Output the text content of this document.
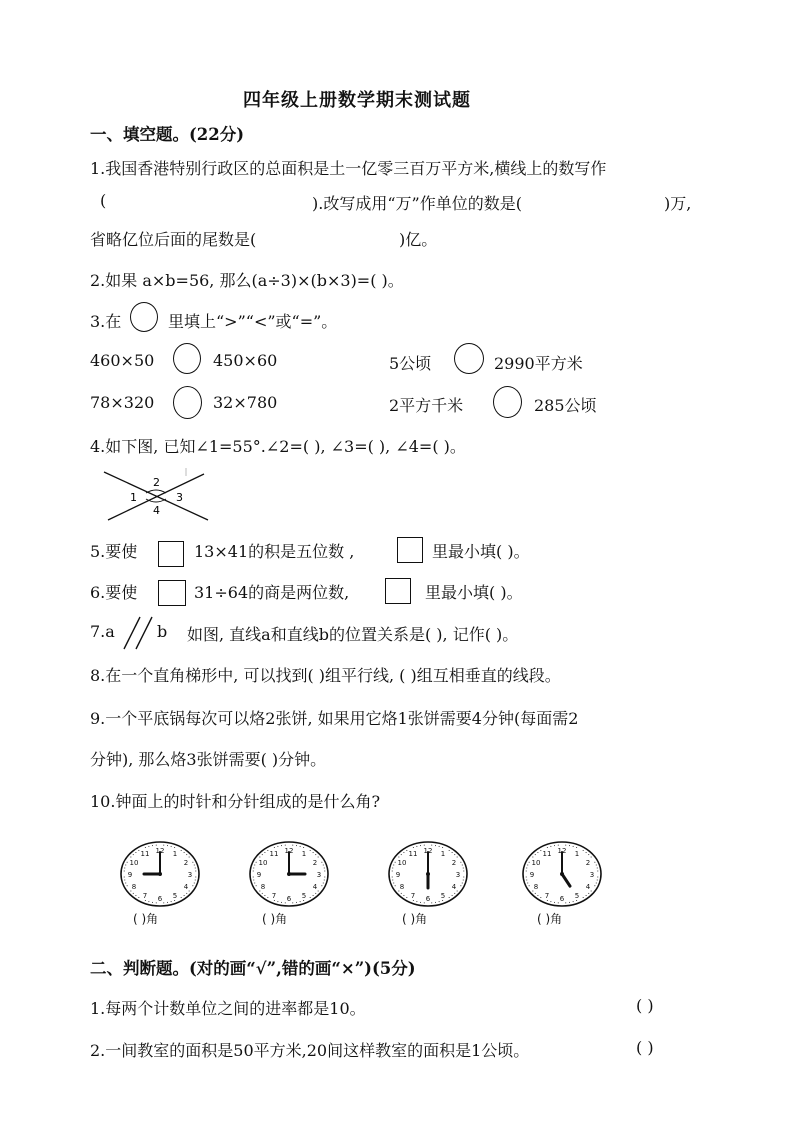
四年级上册数学期末测试题
一、填空题。(22分)
1.我国香港特别行政区的总面积是土一亿零三百万平方米,横线上的数写作
(	).改写成用“万”作单位的数是(	)万,
省略亿位后面的尾数是(	)亿。
2.如果 a×b=56, 那么(a÷3)×(b×3)=( )。
3.在	里填上“>”“<”或“=”。
460×50	450×60	5公顷	2990平方米
78×320	32×780	2平方千米	285公顷
4.如下图, 已知∠1=55°.∠2=( ), ∠3=( ), ∠4=( )。
1
2
3
4
5.要使	13×41的积是五位数 ,	里最小填( )。
6.要使	31÷64的商是两位数,	里最小填( )。
7.a	b 如图, 直线a和直线b的位置关系是( ), 记作( )。
8.在一个直角梯形中, 可以找到( )组平行线, ( )组互相垂直的线段。
9.一个平底锅每次可以烙2张饼, 如果用它烙1张饼需要4分钟(每面需2
分钟), 那么烙3张饼需要( )分钟。
10.钟面上的时针和分针组成的是什么角?
1
2
3
4
5
6
7
8
9
10
11 12
( )角
1
2
3
4
5
6
7
8
9
10
11 12
( )角
1
2
3
4
5
6
7
8
9
10
11 12
( )角
1
2
3
4
5
6
7
8
9
10
11 12
( )角
二、判断题。(对的画“√”,错的画“×”)(5分)
1.每两个计数单位之间的进率都是10。	( )
2.一间教室的面积是50平方米,20间这样教室的面积是1公顷。	( )
